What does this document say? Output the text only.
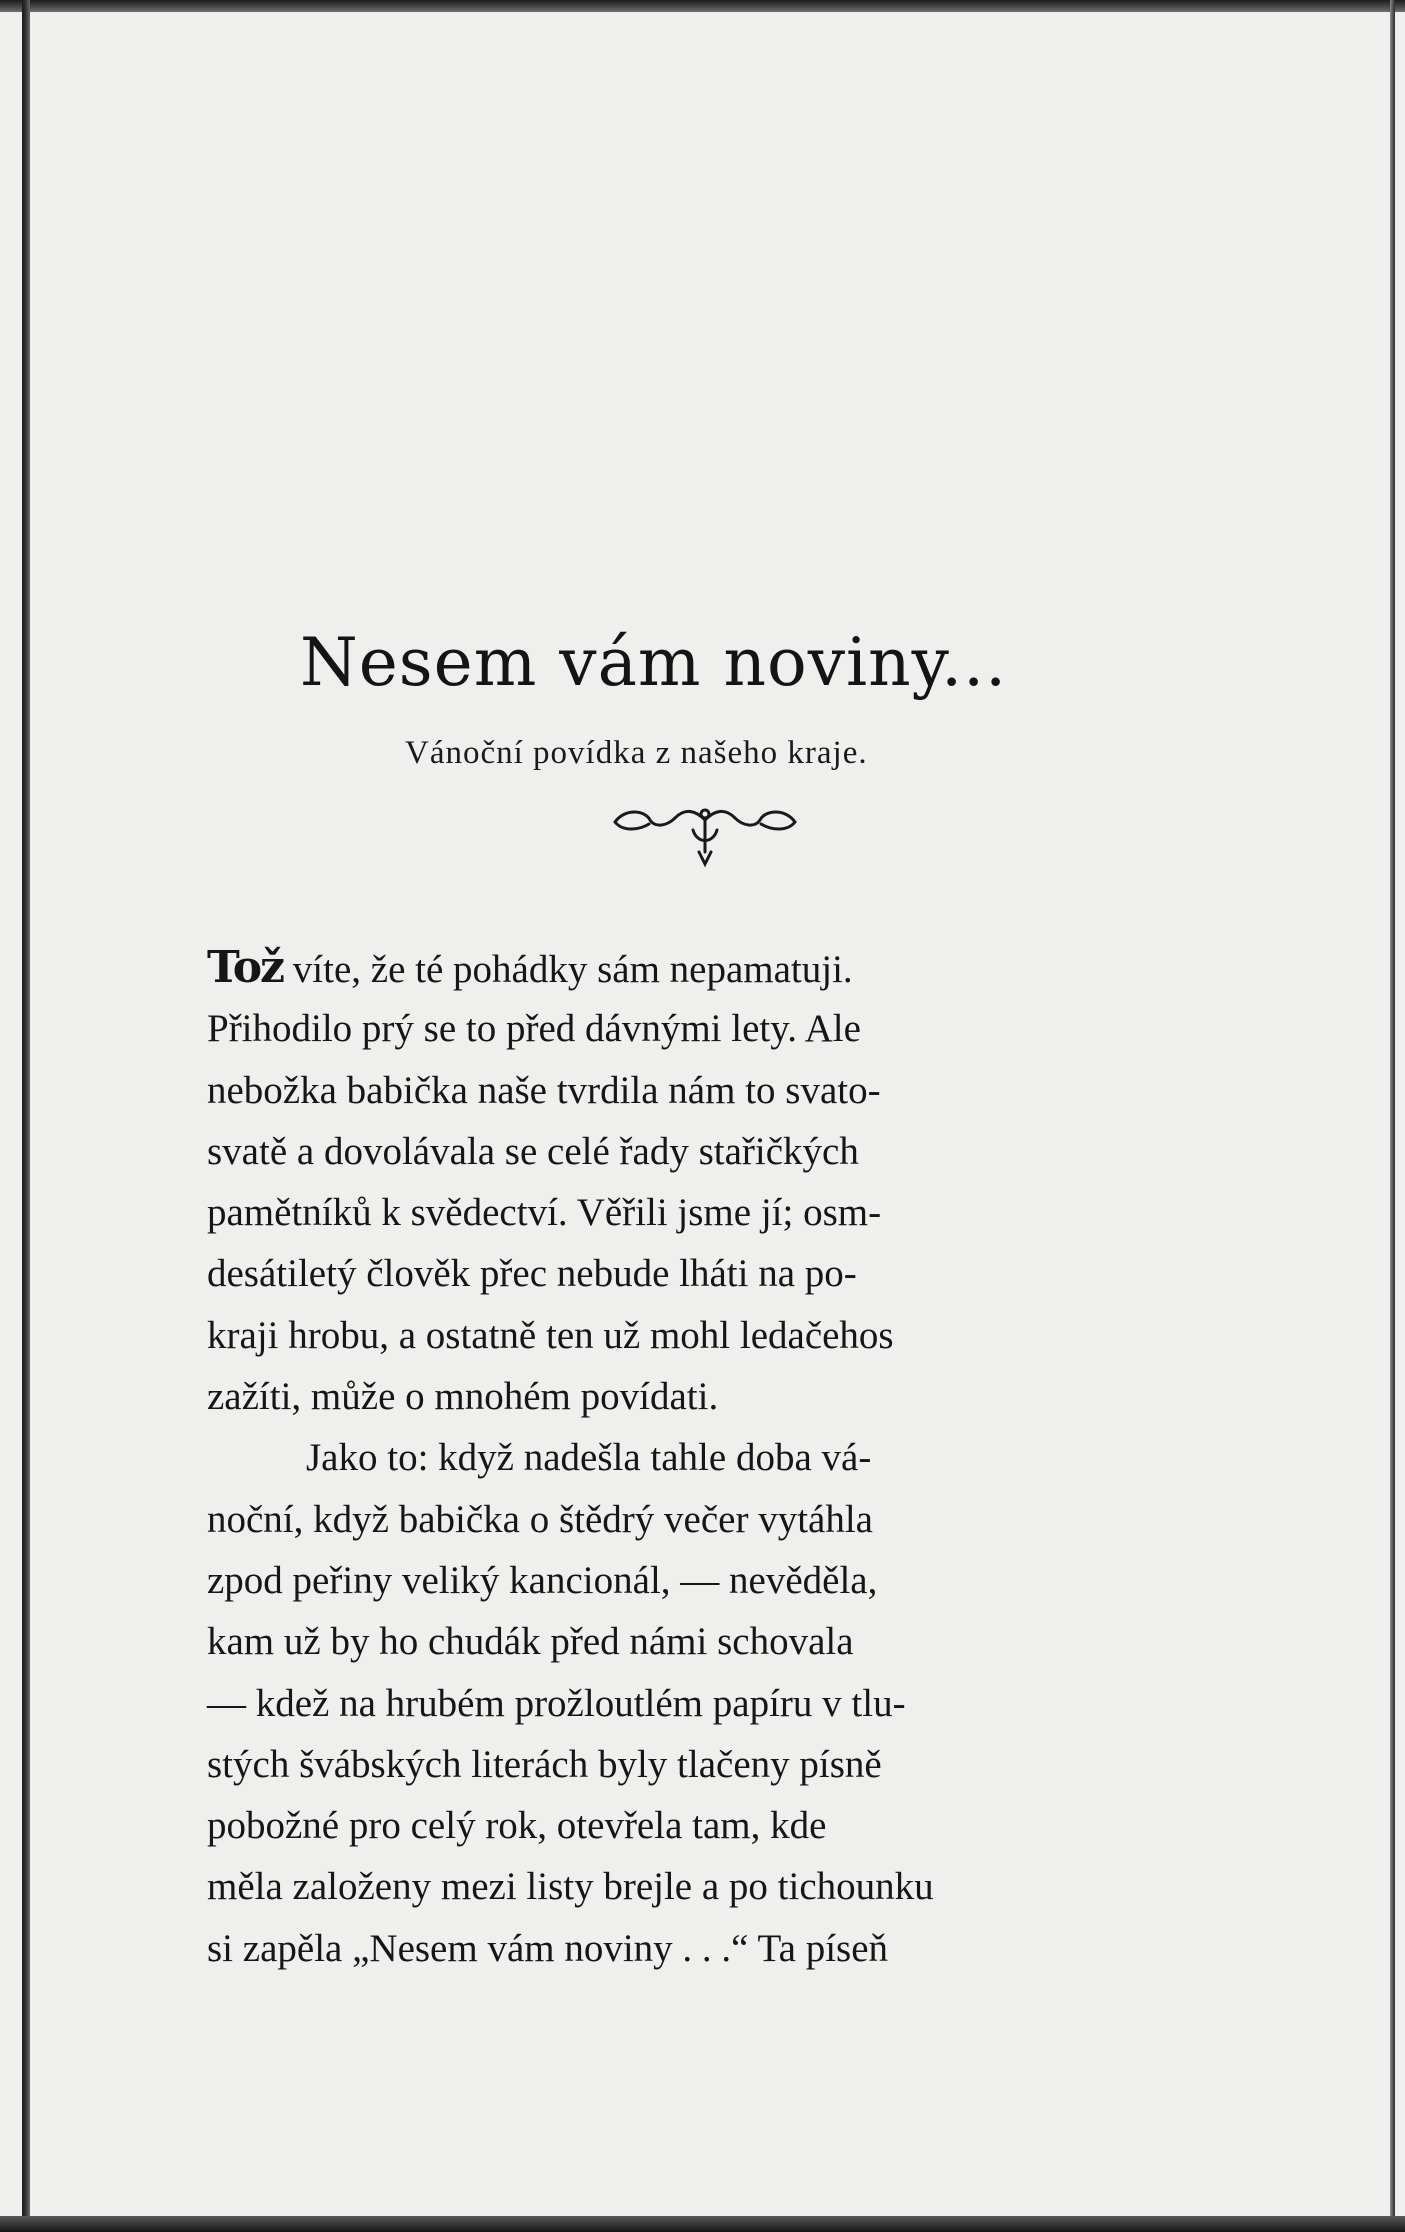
Nesem vám noviny...
Vánoční povídka z našeho kraje.
Tož víte, že té pohádky sám nepamatuji.
Přihodilo prý se to před dávnými lety. Ale
nebožka babička naše tvrdila nám to svato-
svatě a dovolávala se celé řady stařičkých
pamětníků k svědectví. Věřili jsme jí; osm-
desátiletý člověk přec nebude lháti na po-
kraji hrobu, a ostatně ten už mohl ledačehos
zažíti, může o mnohém povídati.
Jako to: když nadešla tahle doba vá-
noční, když babička o štědrý večer vytáhla
zpod peřiny veliký kancionál, — nevěděla,
kam už by ho chudák před námi schovala
— kdež na hrubém prožloutlém papíru v tlu-
stých švábských literách byly tlačeny písně
pobožné pro celý rok, otevřela tam, kde
měla založeny mezi listy brejle a po tichounku
si zapěla „Nesem vám noviny . . .“ Ta píseň
